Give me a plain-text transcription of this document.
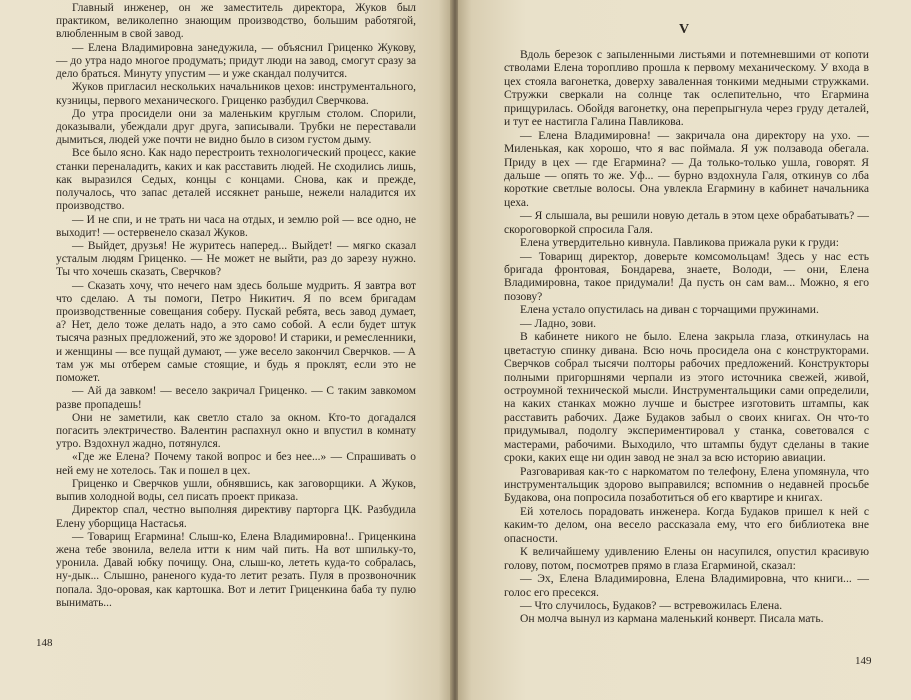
Главный инженер, он же заместитель директора, Жуков был практиком, великолепно знающим производство, большим работягой, влюбленным в свой завод.

— Елена Владимировна занедужила, — объяснил Гриценко Жукову, — до утра надо многое продумать; придут люди на завод, смогут сразу за дело браться. Минуту упустим — и уже скандал получится.

Жуков пригласил нескольких начальников цехов: инструментального, кузницы, первого механического. Гриценко разбудил Сверчкова.

До утра просидели они за маленьким круглым столом. Спорили, доказывали, убеждали друг друга, записывали. Трубки не переставали дымиться, людей уже почти не видно было в сизом густом дыму.

Все было ясно. Как надо перестроить технологический процесс, какие станки переналадить, каких и как расставить людей. Не сходились лишь, как выразился Седых, концы с концами. Снова, как и прежде, получалось, что запас деталей иссякнет раньше, нежели наладится их производство.

— И не спи, и не трать ни часа на отдых, и землю рой — все одно, не выходит! — остервенело сказал Жуков.

— Выйдет, друзья! Не журитесь наперед... Выйдет! — мягко сказал усталым людям Гриценко. — Не может не выйти, раз до зарезу нужно. Ты что хочешь сказать, Сверчков?

— Сказать хочу, что нечего нам здесь больше мудрить. Я завтра вот что сделаю. А ты помоги, Петро Никитич. Я по всем бригадам производственные совещания соберу. Пускай ребята, весь завод думает, а? Нет, дело тоже делать надо, а это само собой. А если будет штук тысяча разных предложений, это же здорово! И старики, и ремесленники, и женщины — все пущай думают, — уже весело закончил Сверчков. — А там уж мы отберем самые стоящие, и будь я проклят, если это не поможет.

— Ай да завком! — весело закричал Гриценко. — С таким завкомом разве пропадешь!

Они не заметили, как светло стало за окном. Кто-то догадался погасить электричество. Валентин распахнул окно и впустил в комнату утро. Вздохнул жадно, потянулся.

«Где же Елена? Почему такой вопрос и без нее...» — Спрашивать о ней ему не хотелось. Так и пошел в цех.

Гриценко и Сверчков ушли, обнявшись, как заговорщики. А Жуков, выпив холодной воды, сел писать проект приказа.

Директор спал, честно выполняя директиву парторга ЦК. Разбудила Елену уборщица Настасья.

— Товарищ Егармина! Слыш-ко, Елена Владимировна!.. Гриценкина жена тебе звонила, велела итти к ним чай пить. На вот шпильку-то, уронила. Давай юбку почищу. Она, слыш-ко, лететь куда-то собралась, ну-дык... Слышно, раненого куда-то летит резать. Пуля в прозвоночник попала. Здо-оровая, как картошка. Вот и летит Гриценкина баба ту пулю вынимать...

148
V

Вдоль березок с запыленными листьями и потемневшими от копоти стволами Елена торопливо прошла к первому механическому. У входа в цех стояла вагонетка, доверху заваленная тонкими медными стружками. Стружки сверкали на солнце так ослепительно, что Егармина прищурилась. Обойдя вагонетку, она перепрыгнула через груду деталей, и тут ее настигла Галина Павликова.

— Елена Владимировна! — закричала она директору на ухо. — Миленькая, как хорошо, что я вас поймала. Я уж ползавода обегала. Приду в цех — где Егармина? — Да только-только ушла, говорят. Я дальше — опять то же. Уф... — бурно вздохнула Галя, откинув со лба короткие светлые волосы. Она увлекла Егармину в кабинет начальника цеха.

— Я слышала, вы решили новую деталь в этом цехе обрабатывать? — скороговоркой спросила Галя.

Елена утвердительно кивнула. Павликова прижала руки к груди:

— Товарищ директор, доверьте комсомольцам! Здесь у нас есть бригада фронтовая, Бондарева, знаете, Володи, — они, Елена Владимировна, такое придумали! Да пусть он сам вам... Можно, я его позову?

Елена устало опустилась на диван с торчащими пружинами.

— Ладно, зови.

В кабинете никого не было. Елена закрыла глаза, откинулась на цветастую спинку дивана. Всю ночь просидела она с конструкторами. Сверчков собрал тысячи полторы рабочих предложений. Конструкторы полными пригоршнями черпали из этого источника свежей, живой, остроумной технической мысли. Инструментальщики сами определили, на каких станках можно лучше и быстрее изготовить штампы, как расставить рабочих. Даже Будаков забыл о своих книгах. Он что-то придумывал, подолгу экспериментировал у станка, советовался с мастерами, рабочими. Выходило, что штампы будут сделаны в такие сроки, каких еще ни один завод не знал за всю историю авиации.

Разговаривая как-то с наркоматом по телефону, Елена упомянула, что инструментальщик здорово выправился; вспомнив о недавней просьбе Будакова, она попросила позаботиться об его квартире и книгах.

Ей хотелось порадовать инженера. Когда Будаков пришел к ней с каким-то делом, она весело рассказала ему, что его библиотека вне опасности.

К величайшему удивлению Елены он насупился, опустил красивую голову, потом, посмотрев прямо в глаза Егарминой, сказал:

— Эх, Елена Владимировна, Елена Владимировна, что книги... — голос его пресекся.

— Что случилось, Будаков? — встревожилась Елена.

Он молча вынул из кармана маленький конверт. Писала мать.

149
